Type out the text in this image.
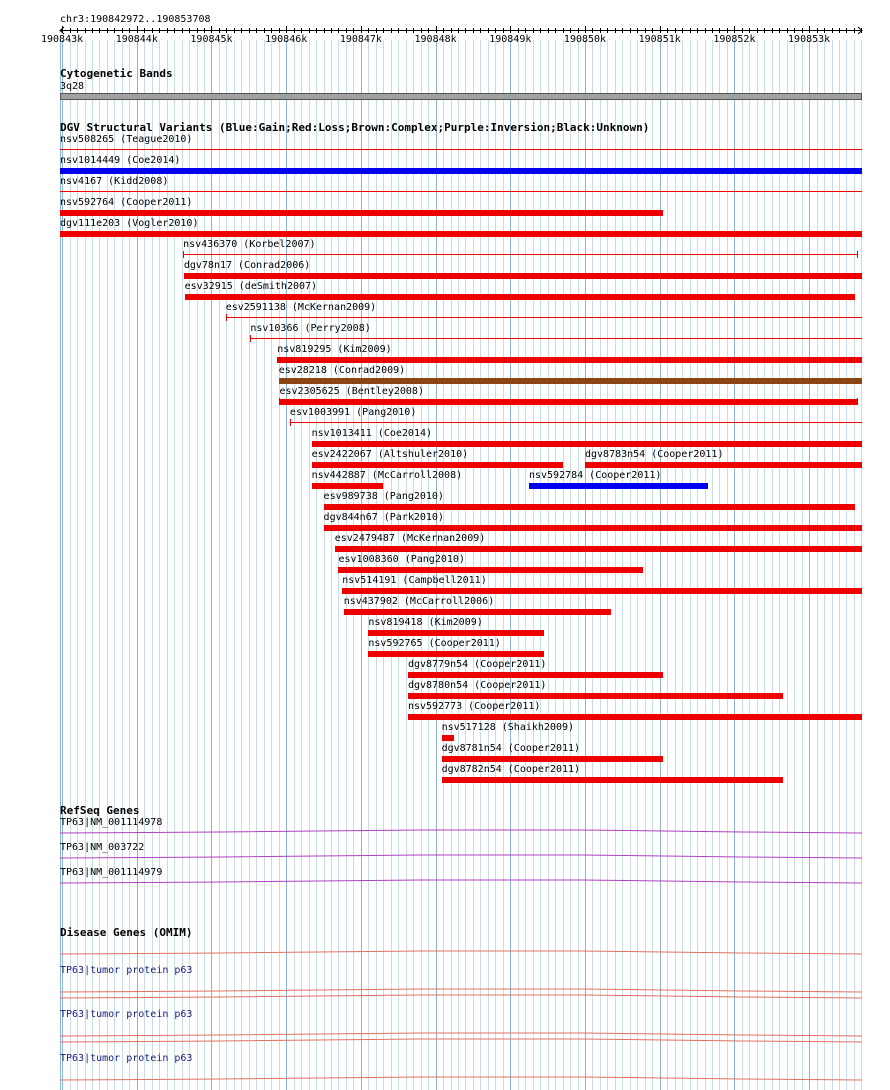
chr3:190842972..190853708
190843k	190844k	190845k	190846k	190847k	190848k	190849k	190850k	190851k	190852k	190853k
Cytogenetic Bands
3q28
DGV Structural Variants (Blue:Gain;Red:Loss;Brown:Complex;Purple:Inversion;Black:Unknown)
nsv508265 (Teague2010)
nsv1014449 (Coe2014)
nsv4167 (Kidd2008)
nsv592764 (Cooper2011)
dgv111e203 (Vogler2010)
nsv436370 (Korbel2007)
dgv78n17 (Conrad2006)
esv32915 (deSmith2007)
esv2591138 (McKernan2009)
nsv10366 (Perry2008)
nsv819295 (Kim2009)
esv28218 (Conrad2009)
esv2305625 (Bentley2008)
esv1003991 (Pang2010)
nsv1013411 (Coe2014)
esv2422067 (Altshuler2010)	dgv8783n54 (Cooper2011)
nsv442887 (McCarroll2008)	nsv592784 (Cooper2011)
esv989738 (Pang2010)
dgv844n67 (Park2010)
esv2479487 (McKernan2009)
esv1008360 (Pang2010)
nsv514191 (Campbell2011)
nsv437902 (McCarroll2006)
nsv819418 (Kim2009)
nsv592765 (Cooper2011)
dgv8779n54 (Cooper2011)
dgv8780n54 (Cooper2011)
nsv592773 (Cooper2011)
nsv517128 (Shaikh2009)
dgv8781n54 (Cooper2011)
dgv8782n54 (Cooper2011)
RefSeq Genes
TP63|NM_001114978
TP63|NM_003722
TP63|NM_001114979
Disease Genes (OMIM)
TP63|tumor protein p63
TP63|tumor protein p63
TP63|tumor protein p63
